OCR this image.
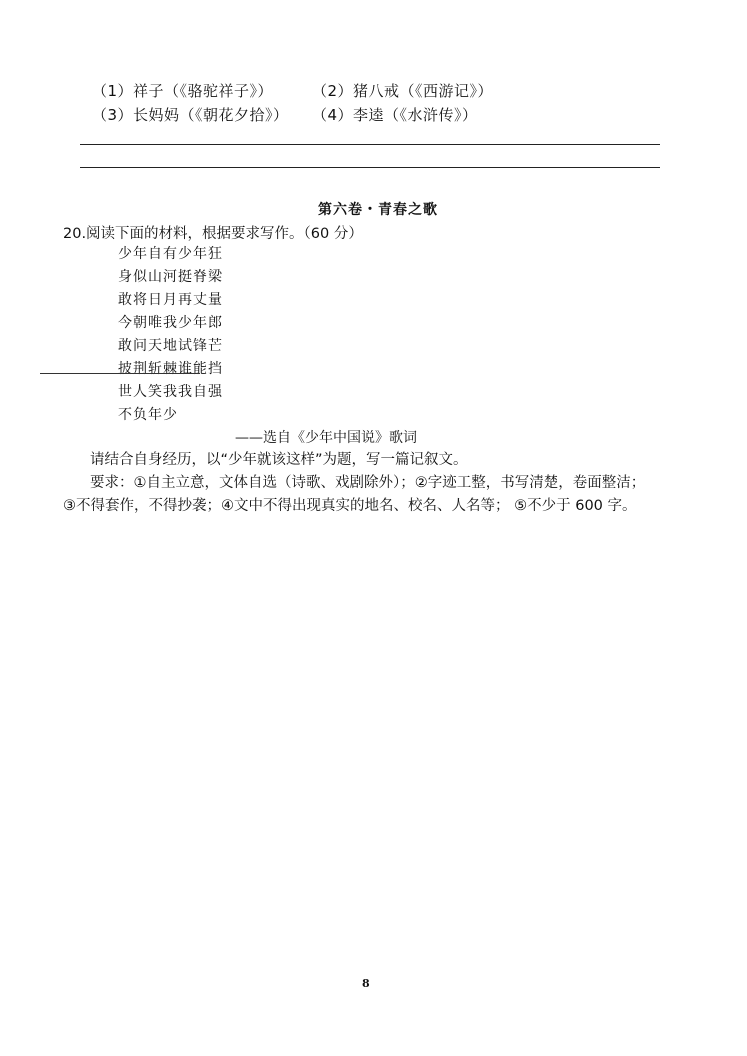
（1）祥子（《骆驼祥子》）	（2）猪八戒（《西游记》）
（3）长妈妈（《朝花夕拾》） （4）李逵（《水浒传》）
第六卷・青春之歌
20.阅读下面的材料，根据要求写作。（60 分）
少年自有少年狂
身似山河挺脊梁
敢将日月再丈量
今朝唯我少年郎
敢问天地试锋芒
披荆斩棘谁能挡
世人笑我我自强
不负年少
——选自《少年中国说》歌词
请结合自身经历，以“少年就该这样”为题，写一篇记叙文。
要求：①自主立意，文体自选（诗歌、戏剧除外）；②字迹工整，书写清楚，卷面整洁；
③不得套作，不得抄袭；④文中不得出现真实的地名、校名、人名等； ⑤不少于 600 字。
8
